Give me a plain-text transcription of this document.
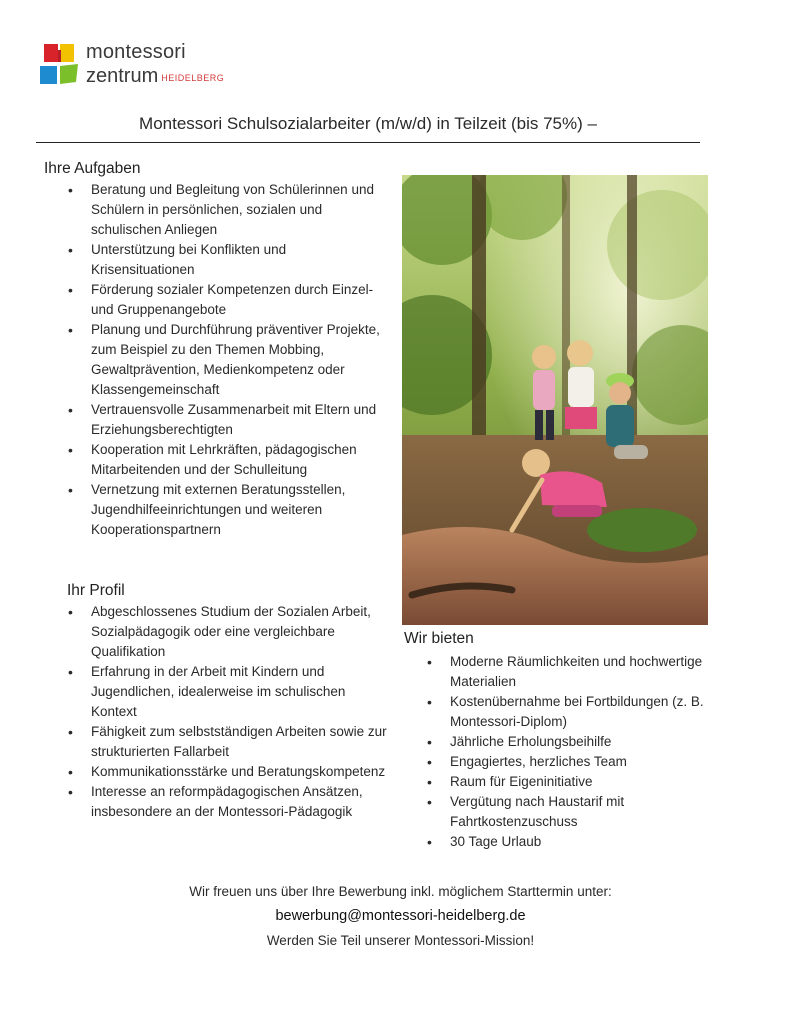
montessori
zentrum HEIDELBERG
Montessori Schulsozialarbeiter (m/w/d) in Teilzeit (bis 75%) –
Ihre Aufgaben
• Beratung und Begleitung von Schülerinnen und Schülern in persönlichen, sozialen und schulischen Anliegen
• Unterstützung bei Konflikten und Krisensituationen
• Förderung sozialer Kompetenzen durch Einzel- und Gruppenangebote
• Planung und Durchführung präventiver Projekte, zum Beispiel zu den Themen Mobbing, Gewaltprävention, Medienkompetenz oder Klassengemeinschaft
• Vertrauensvolle Zusammenarbeit mit Eltern und Erziehungsberechtigten
• Kooperation mit Lehrkräften, pädagogischen Mitarbeitenden und der Schulleitung
• Vernetzung mit externen Beratungsstellen, Jugendhilfeeinrichtungen und weiteren Kooperationspartnern
Ihr Profil
• Abgeschlossenes Studium der Sozialen Arbeit, Sozialpädagogik oder eine vergleichbare Qualifikation
• Erfahrung in der Arbeit mit Kindern und Jugendlichen, idealerweise im schulischen Kontext
• Fähigkeit zum selbstständigen Arbeiten sowie zur strukturierten Fallarbeit
• Kommunikationsstärke und Beratungskompetenz
• Interesse an reformpädagogischen Ansätzen, insbesondere an der Montessori-Pädagogik
Wir bieten
• Moderne Räumlichkeiten und hochwertige Materialien
• Kostenübernahme bei Fortbildungen (z. B. Montessori-Diplom)
• Jährliche Erholungsbeihilfe
• Engagiertes, herzliches Team
• Raum für Eigeninitiative
• Vergütung nach Haustarif mit Fahrtkostenzuschuss
• 30 Tage Urlaub
Wir freuen uns über Ihre Bewerbung inkl. möglichem Starttermin unter:
bewerbung@montessori-heidelberg.de
Werden Sie Teil unserer Montessori-Mission!
